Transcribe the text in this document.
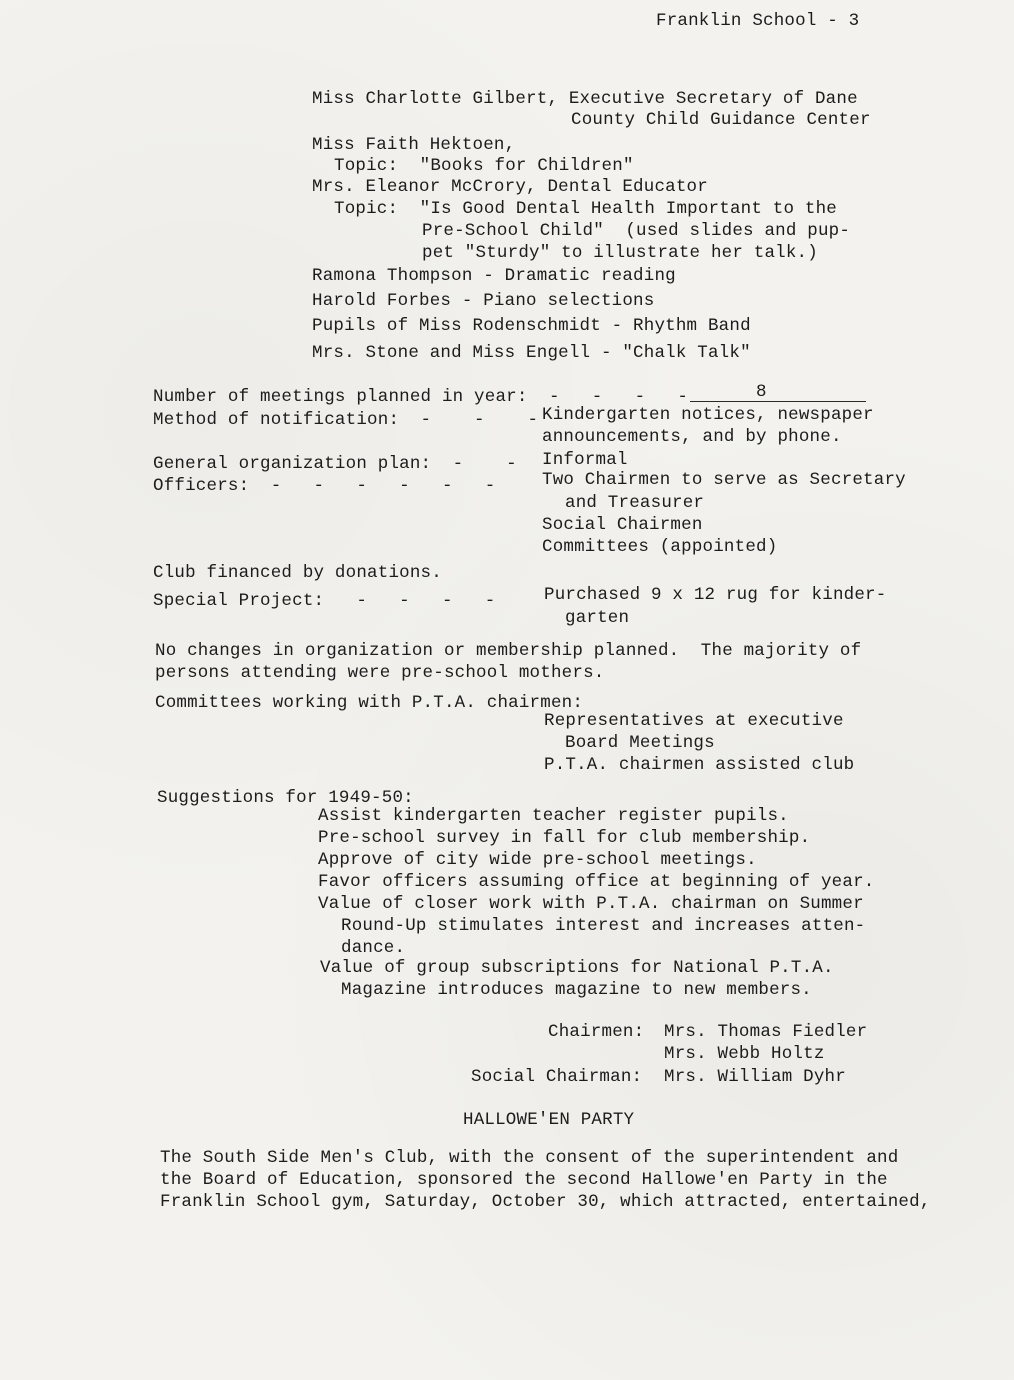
Franklin School - 3
Miss Charlotte Gilbert, Executive Secretary of Dane
County Child Guidance Center
Miss Faith Hektoen,
Topic:  "Books for Children"
Mrs. Eleanor McCrory, Dental Educator
Topic:  "Is Good Dental Health Important to the
Pre-School Child"  (used slides and pup-
pet "Sturdy" to illustrate her talk.)
Ramona Thompson - Dramatic reading
Harold Forbes - Piano selections
Pupils of Miss Rodenschmidt - Rhythm Band
Mrs. Stone and Miss Engell - "Chalk Talk"
Number of meetings planned in year:  -   -   -   -	8
Method of notification:  -    -    - Kindergarten notices, newspaper
announcements, and by phone.
General organization plan:  -    - Informal
Officers:  -   -   -   -   -   -	Two Chairmen to serve as Secretary
and Treasurer
Social Chairmen
Committees (appointed)
Club financed by donations.
Special Project:   -   -   -   -	Purchased 9 x 12 rug for kinder-
garten
No changes in organization or membership planned.  The majority of
persons attending were pre-school mothers.
Committees working with P.T.A. chairmen:
Representatives at executive
Board Meetings
P.T.A. chairmen assisted club
Suggestions for 1949-50:
Assist kindergarten teacher register pupils.
Pre-school survey in fall for club membership.
Approve of city wide pre-school meetings.
Favor officers assuming office at beginning of year.
Value of closer work with P.T.A. chairman on Summer
Round-Up stimulates interest and increases atten-
dance.
Value of group subscriptions for National P.T.A.
Magazine introduces magazine to new members.
Chairmen: Mrs. Thomas Fiedler
Mrs. Webb Holtz
Social Chairman: Mrs. William Dyhr
HALLOWE'EN PARTY
The South Side Men's Club, with the consent of the superintendent and
the Board of Education, sponsored the second Hallowe'en Party in the
Franklin School gym, Saturday, October 30, which attracted, entertained,
